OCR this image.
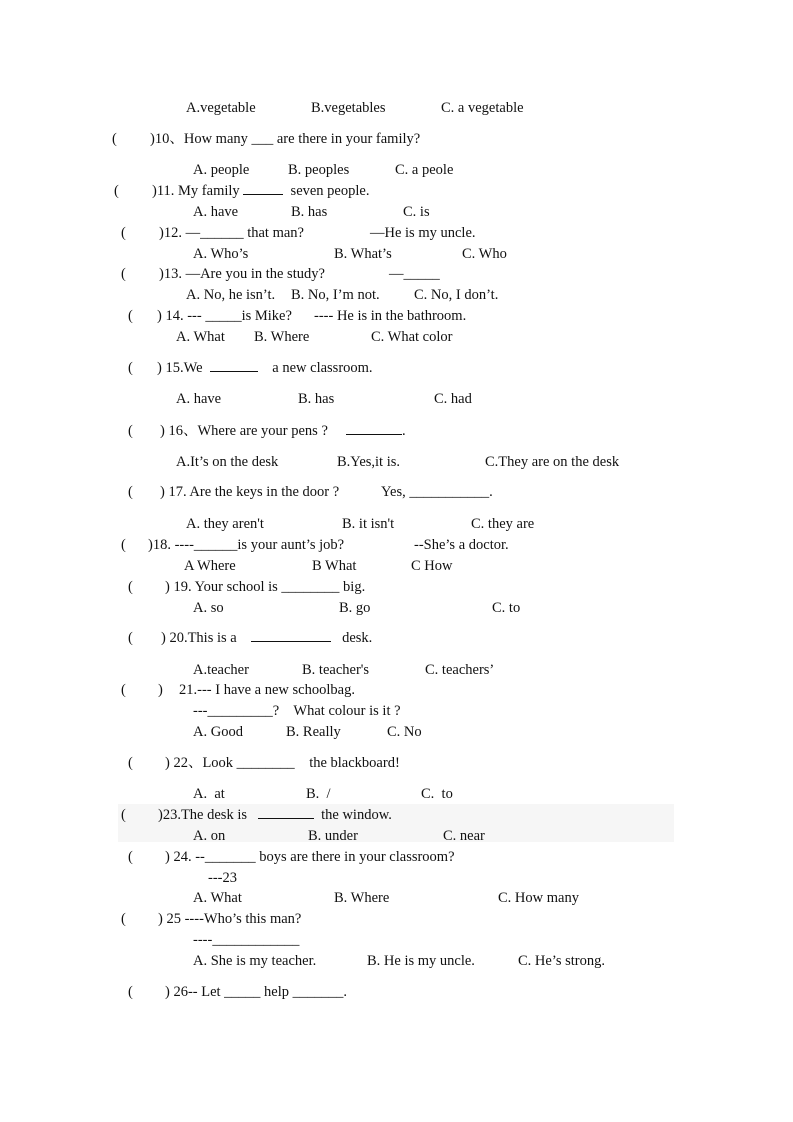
A.vegetable	B.vegetables	C. a vegetable
( )10、How many ___ are there in your family?
A. people	B. peoples	C. a peole
( )11. My family	seven people.
A. have	B. has	C. is
( )12. —______ that man?	—He is my uncle.
A. Who’s	B. What’s	C. Who
( )13. —Are you in the study?	—_____
A. No, he isn’t. B. No, I’m not. C. No, I don’t.
( ) 14. --- _____is Mike? ---- He is in the bathroom.
A. What B. Where	C. What color
( ) 15.We	a new classroom.
A. have	B. has	C. had
( ) 16、Where are your pens ?	.
A.It’s on the desk	B.Yes,it is.	C.They are on the desk
( ) 17. Are the keys in the door ?	Yes, ___________.
A. they aren't	B. it isn't	C. they are
( )18. ----______is your aunt’s job?	--She’s a doctor.
A Where	B What	C How
( ) 19. Your school is ________ big.
A. so	B. go	C. to
( ) 20.This is a	desk.
A.teacher	B. teacher's	C. teachers’
( ) 21.--- I have a new schoolbag.
---_________? What colour is it ?
A. Good	B. Really	C. No
( ) 22、Look ________ the blackboard!
A.  at	B.  /	C.  to
( )23.The desk is	the window.
A. on	B. under	C. near
( ) 24. --_______ boys are there in your classroom?
---23
A. What	B. Where	C. How many
( ) 25 ----Who’s this man?
----____________
A. She is my teacher.	B. He is my uncle.	C. He’s strong.
( ) 26-- Let _____ help _______.
